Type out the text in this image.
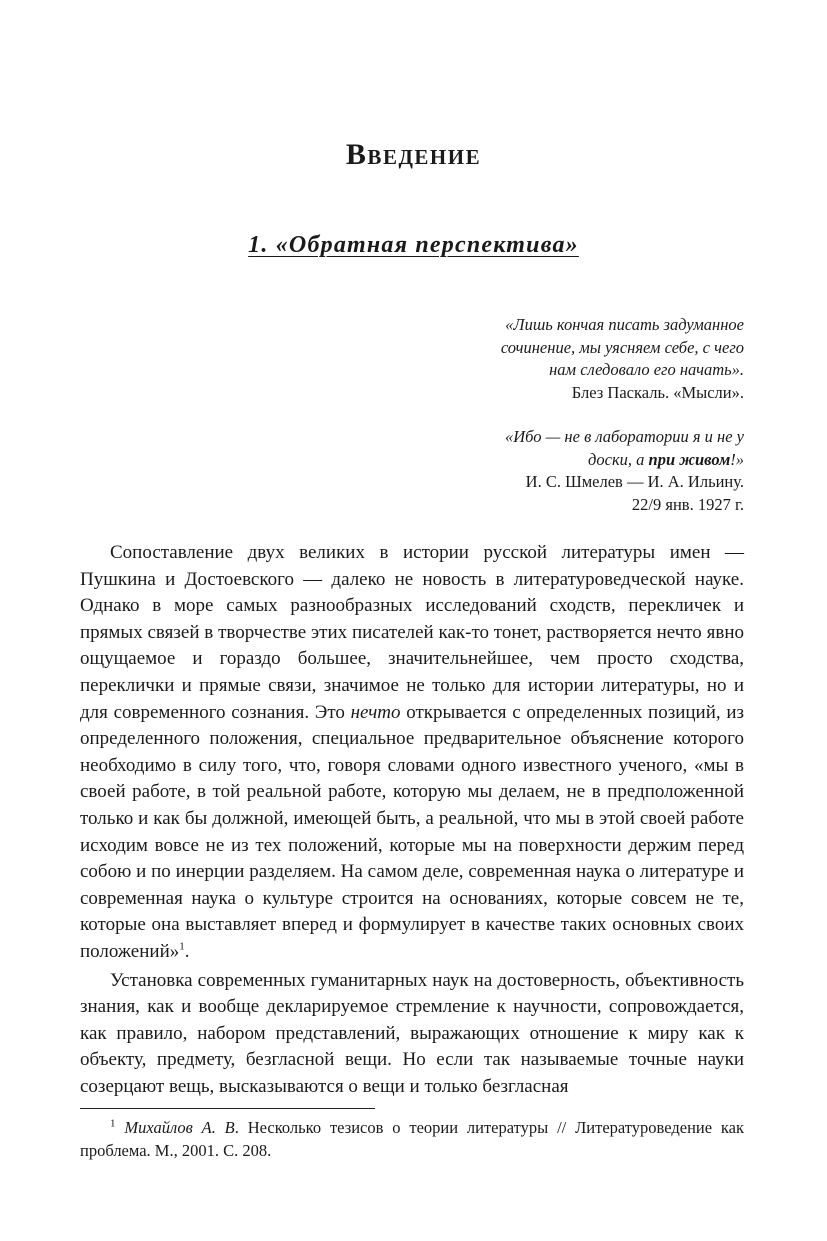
Введение
1. «Обратная перспектива»
«Лишь кончая писать задуманное
сочинение, мы уясняем себе, с чего
нам следовало его начать».
Блез Паскаль. «Мысли».
«Ибо — не в лаборатории я и не у
доски, а при живом!»
И. С. Шмелев — И. А. Ильину.
22/9 янв. 1927 г.

Сопоставление двух великих в истории русской литературы имен — Пушкина и Достоевского — далеко не новость в литературоведческой науке. Однако в море самых разнообразных исследований сходств, перекличек и прямых связей в творчестве этих писателей как-то тонет, растворяется нечто явно ощущаемое и гораздо большее, значительнейшее, чем просто сходства, переклички и прямые связи, значимое не только для истории литературы, но и для современного сознания. Это нечто открывается с определенных позиций, из определенного положения, специальное предварительное объяснение которого необходимо в силу того, что, говоря словами одного известного ученого, «мы в своей работе, в той реальной работе, которую мы делаем, не в предположенной только и как бы должной, имеющей быть, а реальной, что мы в этой своей работе исходим вовсе не из тех положений, которые мы на поверхности держим перед собою и по инерции разделяем. На самом деле, современная наука о литературе и современная наука о культуре строится на основаниях, которые совсем не те, которые она выставляет вперед и формулирует в качестве таких основных своих положений»$^1$.

Установка современных гуманитарных наук на достоверность, объективность знания, как и вообще декларируемое стремление к научности, сопровождается, как правило, набором представлений, выражающих отношение к миру как к объекту, предмету, безгласной вещи. Но если так называемые точные науки созерцают вещь, высказываются о вещи и только безгласная

$^1$ Михайлов А. В. Несколько тезисов о теории литературы // Литературоведение как проблема. М., 2001. С. 208.
